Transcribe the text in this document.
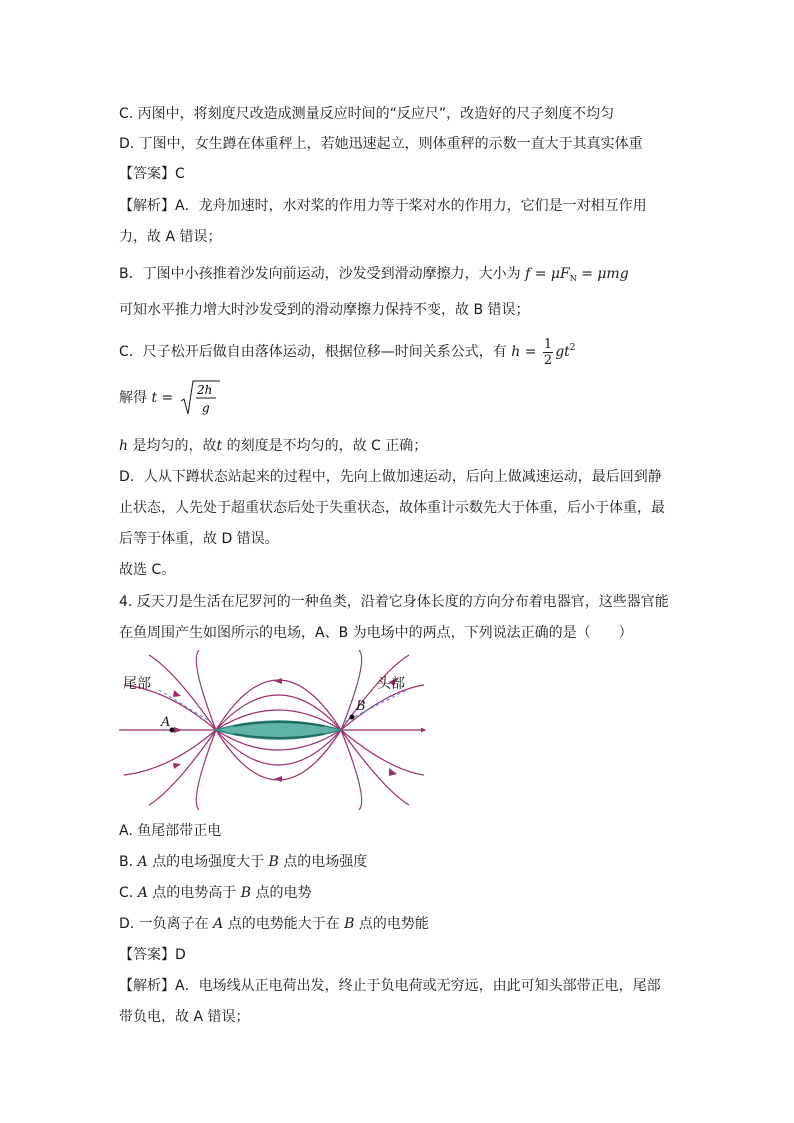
C. 丙图中，将刻度尺改造成测量反应时间的“反应尺”，改造好的尺子刻度不均匀
D. 丁图中，女生蹲在体重秤上，若她迅速起立，则体重秤的示数一直大于其真实体重
【答案】C
【解析】A．龙舟加速时，水对桨的作用力等于桨对水的作用力，它们是一对相互作用
力，故 A 错误；
B．丁图中小孩推着沙发向前运动，沙发受到滑动摩擦力，大小为 $f = \mu F_N = \mu mg$
可知水平推力增大时沙发受到的滑动摩擦力保持不变，故 B 错误；
C．尺子松开后做自由落体运动，根据位移—时间关系公式，有 $h = \frac{1}{2} gt^2$
解得 t = 2h
g
h 是均匀的，故t 的刻度是不均匀的，故 C 正确；
D．人从下蹲状态站起来的过程中，先向上做加速运动，后向上做减速运动，最后回到静
止状态，人先处于超重状态后处于失重状态，故体重计示数先大于体重，后小于体重，最
后等于体重，故 D 错误。
故选 C。
4. 反天刀是生活在尼罗河的一种鱼类，沿着它身体长度的方向分布着电器官，这些器官能
在鱼周围产生如图所示的电场，A、B 为电场中的两点，下列说法正确的是（　　）
尾部	头部
A
B
A. 鱼尾部带正电
B. A 点的电场强度大于 B 点的电场强度
C. A 点的电势高于 B 点的电势
D. 一负离子在 A 点的电势能大于在 B 点的电势能
【答案】D
【解析】A．电场线从正电荷出发，终止于负电荷或无穷远，由此可知头部带正电，尾部
带负电，故 A 错误；
